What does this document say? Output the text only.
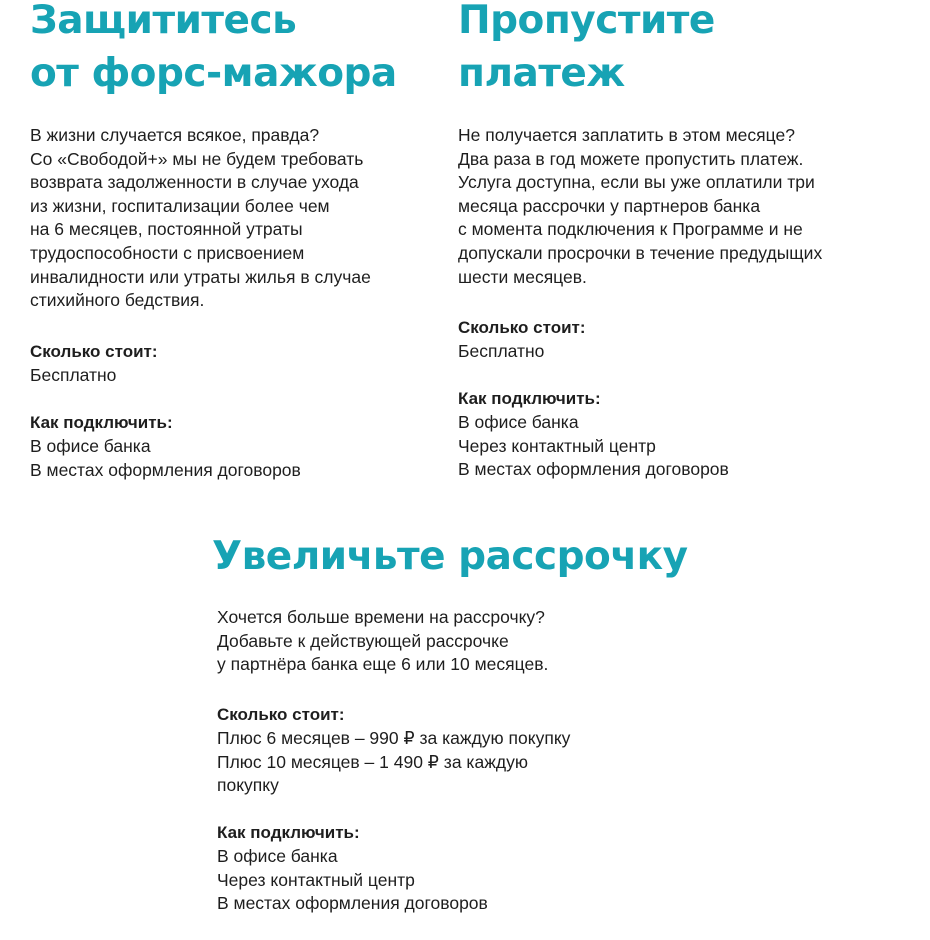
Защититесь
от форс-мажора

В жизни случается всякое, правда?
Со «Свободой+» мы не будем требовать
возврата задолженности в случае ухода
из жизни, госпитализации более чем
на 6 месяцев, постоянной утраты
трудоспособности с присвоением
инвалидности или утраты жилья в случае
стихийного бедствия.

Сколько стоит:

Бесплатно

Как подключить:

В офисе банка
В местах оформления договоров

Пропустите
платеж

Не получается заплатить в этом месяце?
Два раза в год можете пропустить платеж.
Услуга доступна, если вы уже оплатили три
месяца рассрочки у партнеров банка
с момента подключения к Программе и не
допускали просрочки в течение предудыщих
шести месяцев.

Сколько стоит:

Бесплатно

Как подключить:

В офисе банка
Через контактный центр
В местах оформления договоров

Увеличьте рассрочку

Хочется больше времени на рассрочку?
Добавьте к действующей рассрочке
у партнёра банка еще 6 или 10 месяцев.

Сколько стоит:

Плюс 6 месяцев – 990 ₽ за каждую покупку
Плюс 10 месяцев – 1 490 ₽ за каждую
покупку

Как подключить:

В офисе банка
Через контактный центр
В местах оформления договоров
